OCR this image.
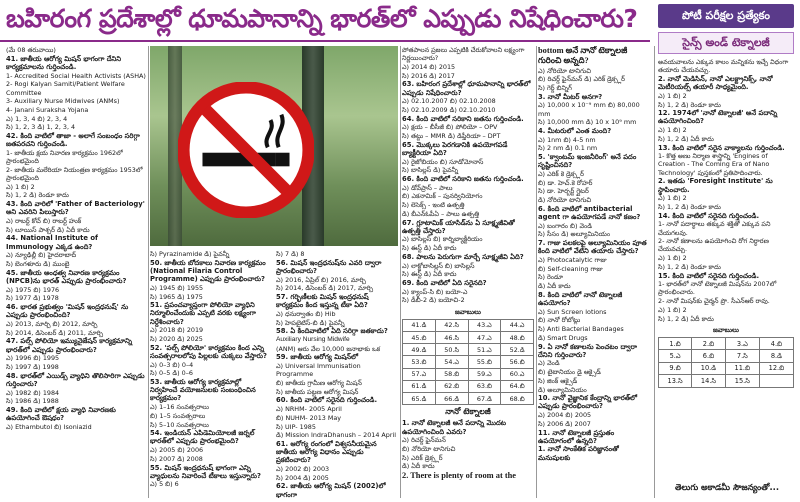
బహిరంగ ప్రదేశాల్లో ధూమపానాన్ని భారత్‌లో ఎప్పుడు నిషేధించారు?	పోటీ పరీక్షల ప్రత్యేకం
సైన్స్ అండ్ టెక్నాలజీ

(మే 08 తరువాయి)

41. జాతీయ ఆరోగ్య మిషన్ భాగంగా దేనిని కార్యక్రమాలను గుర్తించండి.

1- Accredited Social Health Activists (ASHA)

2- Rogi Kalyan Samiti/Patient Welfare Committee

3- Auxiliary Nurse Midwives (ANMs)

4- Janani Suraksha Yojana

ఎ) 1, 3, 4 బి) 2, 3, 4

సి) 1, 2, 3 డి) 1, 2, 3, 4

42. కింది వాటిలో తాజా - అలాగే సంబంధం సరిగ్గా జతపరచని గుర్తించండి.

1- జాతీయ క్షయ నివారణ కార్యక్రమం 1962లో ప్రారంభమైంది

2- జాతీయ మలేరియా నియంత్రణ కార్యక్రమం 1953లో ప్రారంభమైంది

ఎ) 1 బి) 2

సి) 1, 2 డి) రెండూ కాదు

43. కింది వారిలో 'Father of Bacteriology' అని ఎవరిని పిలుస్తారు?

ఎ) రాబర్ట్ కోచ్ బి) రాబర్ట్ హుక్

సి) లూయిస్ పాశ్చర్ డి) ఏదీ కాదు

44. National Institute of Immunology ఎక్కడ ఉంది?

ఎ) న్యూఢిల్లీ బి) హైదరాబాద్

సి) బెంగళూరు డి) ముంబై

45. జాతీయ అంధత్వ నివారణ కార్యక్రమం (NPCB)ను భారత్ ఎప్పుడు ప్రారంభించారు?

ఎ) 1975 బి) 1976

సి) 1977 డి) 1978

46. భారత ప్రభుత్వం 'మిషన్ ఇంద్రధనుష్' ను ఎప్పుడు ప్రారంభించింది?

ఎ) 2013, మార్చి బి) 2012, మార్చి

సి) 2014, డిసెంబర్ డి) 2011, మార్చి

47. పల్స్ పోలియో ఇమ్యునైజేషన్ కార్యక్రమాన్ని భారత్‌లో ఎప్పుడు ప్రారంభించారు?

ఎ) 1996 బి) 1995

సి) 1997 డి) 1998

48. భారత్‌లో ఎయిడ్స్ వ్యాధిని తొలిసారిగా ఎప్పుడు గుర్తించారు?

ఎ) 1982 బి) 1984

సి) 1986 డి) 1988

49. కింది వాటిలో క్షయ వ్యాధి నివారణకు ఉపయోగించే ఔషధం?

ఎ) Ethambutol బి) Isoniazid

సి) Pyrazinamide డి) పైవన్నీ

50. జాతీయ బోదకాలు నివారణ కార్యక్రమం (National Filaria Control Programme) ఎప్పుడు ప్రారంభించారు?

ఎ) 1945 బి) 1955

సి) 1965 డి) 1975

51. ప్రపంచవ్యాప్తంగా పోలియో వ్యాధిని నిర్మూలించేందుకు ఎప్పటి వరకు లక్ష్యంగా నిర్దేశించారు?

ఎ) 2018 బి) 2019

సి) 2020 డి) 2025

52. 'పల్స్ పోలియో' కార్యక్రమం కింద ఎన్ని సంవత్సరాలలోపు పిల్లలకు చుక్కలు వేస్తారు?

ఎ) 0–3 బి) 0–4

సి) 0–5 డి) 0–6

53. జాతీయ ఆరోగ్య కార్యక్రమాల్లో నిర్వహించే వయోజనులకు సంబంధించిన కార్యక్రమం?

ఎ) 1–16 సంవత్సరాలు

బి) 1–5 సంవత్సరాలు

సి) 5–10 సంవత్సరాలు

54. ఇండియన్ ఎపిడెమియోలజీ జర్నల్ భారత్‌లో ఎప్పుడు ప్రారంభమైంది?

ఎ) 2005 బి) 2006

సి) 2007 డి) 2008

55. మిషన్ ఇంద్రధనుష్ భాగంగా ఎన్ని వ్యాధులను నివారించే టీకాలు ఇస్తున్నారు?

ఎ) 5 బి) 6

సి) 7 డి) 8

56. మిషన్ ఇంద్రధనుష్‌ను ఎవరి ద్వారా ప్రారంభించారు?

ఎ) 2016, ఏప్రిల్ బి) 2016, మార్చి

సి) 2014, డిసెంబర్ డి) 2017, మార్చి

57. గర్భిణీలకు మిషన్ ఇంద్రధనుష్ కార్యక్రమం కింద ఇస్తున్న టీకా ఏది?

ఎ) ధనుర్వాతం బి) Hib

సి) హెపటైటిస్-బి డి) పైవన్నీ

58. ఏ కిందివాటిలో ఏది సరిగ్గా జతకాదు?

Auxiliary Nursing Midwife

(ANM) ఆరు వేల 10,000 జనాభాకు ఒక

59. జాతీయ ఆరోగ్య మిషన్‌లో

ఎ) Universal Immunisation Programme

బి) జాతీయ గ్రామీణ ఆరోగ్య మిషన్

సి) జాతీయ పట్టణ ఆరోగ్య మిషన్

60. కింది వాటిలో సరైనది గుర్తించండి.

ఎ) NRHM- 2005 April

బి) NUHM- 2013 May

సి) UIP- 1985

డి) Mission IndraDhanush – 2014 April

61. ఆరోగ్య రంగంలో విశ్వసనీయమైన జాతీయ ఆరోగ్య విధానం ఎప్పుడు ప్రకటించారు?

ఎ) 2002 బి) 2003

సి) 2004 డి) 2005

62. జాతీయ ఆరోగ్య మిషన్ (2002)లో భాగంగా

పోతపాలన ప్రజలు ఎప్పటికి చేరుకోవాలని లక్ష్యంగా నిర్ణయించారు?

ఎ) 2014 బి) 2015

సి) 2016 డి) 2017

63. బహిరంగ ప్రదేశాల్లో ధూమపానాన్ని భారత్‌లో ఎప్పుడు నిషేధించారు?

ఎ) 02.10.2007 బి) 02.10.2008

సి) 02.10.2009 డి) 02.10.2010

64. కింది వాటిలో సరికాని జతను గుర్తించండి.

ఎ) క్షయ – బీసీజీ బి) పోలియో – OPV

సి) తట్టు – MMR డి) డిఫ్తీరియా – DPT

65. మొక్కలు పెరగడానికి ఉపయోగపడే బ్యాక్టీరియా ఏది?

ఎ) రైజోబియం బి) సూడోమోనాస్

సి) బాసిల్లస్ డి) పైవన్నీ

66. కింది వాటిలో సరికాని జతను గుర్తించండి.

ఎ) డోవ్‌ప్రాస్‌ – పాలు

బి) ఎకనామిక్ – పునర్వినియోగం

సి) లెసెక్స్ - ఇంటి ఉత్పత్తి

డి) బీఎన్‌ఓపీఏ – పాలు ఉత్పత్తి

67. గ్లూటామిక్ యాసిడ్‌ను ఏ సూక్ష్మజీవితో ఉత్పత్తి చేస్తారు?

ఎ) బాసిల్లస్ బి) కార్నిబ్యాక్టీరియం

సి) ఈస్ట్ డి) ఏదీ కాదు

68. పాలను పెరుగుగా మార్చే సూక్ష్మజీవి ఏది?

ఎ) లాక్టోబాసిల్లస్ బి) బాసిల్లస్

సి) ఈస్ట్ డి) ఏదీ కాదు

69. కింది వాటిలో ఏది సరైనది?

ఎ) క్యాంప్-సి బి) బయో-ఎ

సి) డీబీ-2 డి) బయోచి-2

జవాబులు
41.డి	42.సి	43.ఎ	44.ఎ
45.బి	46.సి	47.ఎ	48.బి
49.డి	50.సి	51.ఎ	52.డి
53.బి	54.ఎ	55.బి	56.బి
57.ఎ	58.బి	59.ఎ	60.ఎ
61.డి	62.బి	63.బి	64.బి
65.డి	66.డి	67.డి	68.బి
నానో టెక్నాలజీ

1. నానో టెక్నాలజీ అనే పదాన్ని మొదట ఉపయోగించింది ఎవరు?

ఎ) రిచర్డ్ ఫైన్‌మన్

బి) నోరియో టానిగుచి

సి) ఎరిక్ డ్రెక్స్లర్

డి) ఏదీ కాదు

2. There is plenty of room at the

bottom అనే నానో టెక్నాలజీ గురించి అన్నది?

ఎ) నోరియో టానిగుచి

బి) రిచర్డ్ ఫైన్‌మన్ డి) ఎరిక్ డ్రెక్స్లర్

సి) గెర్డ్ బిన్నిగ్

3. నానో మీటర్ అనగా?

ఎ) 10,000 x 10⁻⁹ mm బి) 80,000 mm

సి) 10,000 mm డి) 10 x 10⁹ mm

4. మీటరులో ఎంత మంది?

ఎ) 1nm బి) 4-5 nm

సి) 2 nm డి) 0.1 nm

5. 'క్వాంటమ్ ఇంజనీరింగ్' అనే పదం సృష్టించినది?

ఎ) ఎరిక్ కె డ్రెక్స్లర్

బి) డా. హెచ్.కె రోహర్

సి) డా. హెర్బర్ట్ గ్లైటర్

డి) నోరియో టానిగుచి

6. కింది వాటిలో antibacterial agent గా ఉపయోగపడే నానో కణం?

ఎ) బంగారం బి) వెండి

సి) సీసం డి) అల్యూమినియం

7. గాజు పలకలపై అల్యూమినియం పూత కింది వాటిలో వేటిని తయారు చేస్తారు?

ఎ) Photocatalytic గాజు

బి) Self-cleaning గాజు

సి) రెండూ

డి) ఏదీ కాదు

8. కింది వాటిలో నానో టెక్నాలజీ ఉపయోగం?

ఎ) Sun Screen lotions

బి) నానో రోబోట్లు

సి) Anti Bacterial Bandages

డి) Smart Drugs

9. ఏ నానో కణాలను పెంచటం ద్వారా దేనిని గుర్తించారు?

ఎ) వెండి

బి) టైటానియం డై ఆక్సైడ్

సి) జింక్ ఆక్సైడ్

డి) అల్యూమినియం

10. నానో వైజ్ఞానిక కేంద్రాన్ని భారత్‌లో ఎప్పుడు ప్రారంభించారు?

ఎ) 2004 బి) 2005

సి) 2006 డి) 2007

11. నానో టెక్నాలజీ ప్రస్తుతం ఉపయోగంలో ఉన్నది?

1. నానో సాంకేతిక పరిజ్ఞానంతో మనుషులకు

అవయవాలను ఎక్కువ కాలం మన్నికను ఇచ్చే విధంగా తయారు చేయవచ్చు.

2. నానో మెడిసిన్, నానో ఎలక్ట్రానిక్స్, నానో మెటీరియల్స్ తయారీ సాధ్యమైంది.

ఎ) 1 బి) 2

సి) 1, 2 డి) రెండూ కాదు

12. 1974లో 'నానో టెక్నాలజీ' అనే పదాన్ని ఉపయోగించింది?

ఎ) 1 బి) 2

సి) 1, 2 డి) ఏదీ కాదు

13. కింది వాటిలో సరైన వాక్యాలను గుర్తించండి.

1- కొత్త అణు నిర్మాణ శాస్త్రాన్ని 'Engines of Creation - The Coming Era of Nano Technology' పుస్తకంలో ప్రతిపాదించారు.

2. ఇతడు 'Foresight Institute' ను స్థాపించారు.

ఎ) 1 బి) 2

సి) 1, 2 డి) రెండూ కాదు

14. కింది వాటిలో సరైనది గుర్తించండి.

1- నానో పదార్థాలు తక్కువ శక్తితో ఎక్కువ పని చేయగలవు.

2- నానో కణాలను ఉపయోగించి రోగ నిర్ధారణ చేయవచ్చు.

ఎ) 1 బి) 2

సి) 1, 2 డి) రెండూ కాదు

15. కింది వాటిలో సరైనది గుర్తించండి.

1- భారత్‌లో నానో టెక్నాలజీ మిషన్‌ను 2007లో ప్రారంభించారు.

2- నానో మిషన్‌కు చైర్మన్ ప్రొ. సీఎన్ఆర్ రావు.

ఎ) 1 బి) 2

సి) 1, 2 డి) ఏదీ కాదు

జవాబులు
1.బి	2.బి	3.ఎ	4.బి
5.ఎ	6.బి	7.సి	8.డి
9.బి	10.డి	11.బి	12.బి
13.సి	14.సి	15.సి	
తెలుగు అకాడమీ సౌజన్యంతో...
